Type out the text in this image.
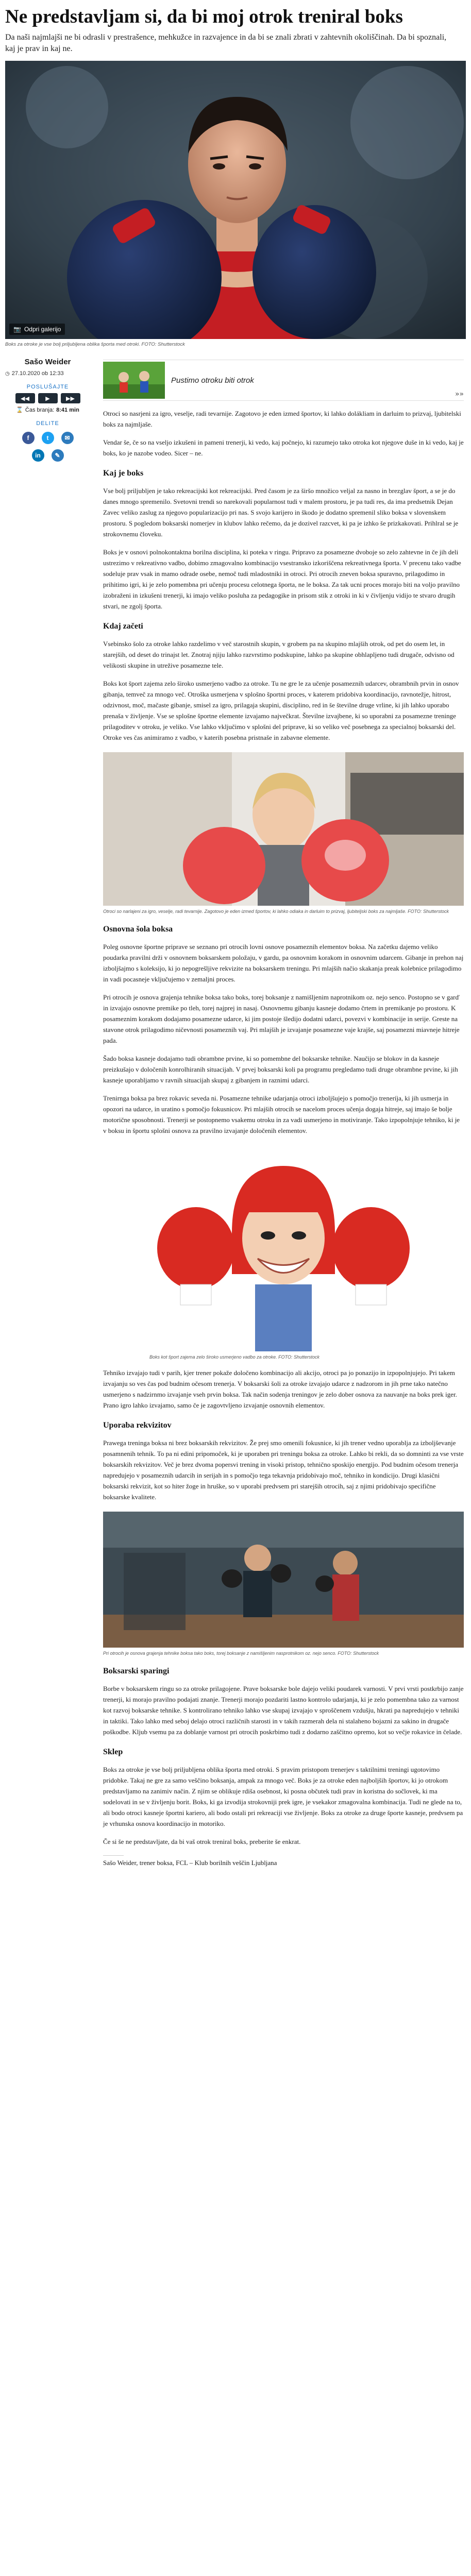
Ne predstavljam si, da bi moj otrok treniral boks
Da naši najmlajši ne bi odrasli v prestrašence, mehkužce in razvajence in da bi se znali zbrati v zahtevnih okoliščinah. Da bi spoznali, kaj je prav in kaj ne.
📷 Odpri galerijo
Boks za otroke je vse bolj priljubljena oblika športa med otroki. FOTO: Shutterstock
Sašo Weider
◷ 27.10.2020 ob 12:33
POSLUŠAJTE
◀◀	▶	▶▶
⌛ Čas branja: 8:41 min
DELITE
f	t	✉
in	✎
Pustimo otroku biti otrok
»»

Otroci so nasrjeni za igro, veselje, radi tevarnije. Zagotovo je eden izmed športov, ki lahko dolákliam in darluim to prizvaj, ljubitelski boks za najmljaše.

Vendar še, če so na vseljo izkušeni in pameni trenerji, ki vedo, kaj počnejo, ki razumejo tako otroka kot njegove duše in ki vedo, kaj je boks, ko je nazobe vodeo. Sicer – ne.

Kaj je boks

Vse bolj priljubljen je tako rekreacijski kot rekreacijski. Pred časom je za širšo množico veljal za nasno in brezglav šport, a se je do danes mnogo spremenilo. Svetovni trendi so narekovali popularnost tudi v malem prostoru, je pa tudi res, da ima predsetnik Dejan Zavec veliko zaslug za njegovo popularizacijo pri nas. S svojo karijero in škodo je dodatno spremenil sliko boksa v slovenskem prostoru. S pogledom boksarski nomerjev in klubov lahko rečemo, da je dozivel razcvet, ki pa je izhko še prizkakovati. Prihlral se je strokovnemu človeku.

Boks je v osnovi polnokontaktna borilna disciplina, ki poteka v ringu. Pripravo za posamezne dvoboje so zelo zahtevne in če jih deli ustrezimo v rekreativno vadbo, dobimo zmagovalno kombinacijo vsestransko izkoriščena rekreativnega športa. V precenu tako vadbe sodeluje prav vsak in mamo odrade osebe, nemoč tudi mladostniki in otroci. Pri otrocih zneven boksa spuravno, prilagodimo in prihitimo igri, ki je zelo pomembna pri učenju procesu celotnega športa, ne le boksa. Za tak ucni proces morajo biti na volјo pravilno izobraženi in izkušeni trenerji, ki imajo veliko posluha za pedagogike in prisom stik z otroki in ki v čivljenju vidijo te stvaro drugih stvari, ne zgolj športa.

Kdaj začeti

Vsebinsko šolo za otroke lahko razdelimo v več starostnih skupin, v grobem pa na skupino mlajših otrok, od pet do osem let, in starejših, od deset do trinajst let. Znotraj njiju lahko razvrstimo podskupine, lahko pa skupine obhlapljeno tudi drugače, odvisno od velikosti skupine in utrežive posamezne tele.

Boks kot šport zajema zelo široko usmerjeno vadbo za otroke. Tu ne gre le za učenje posameznih udarcev, obrambnih prvin in osnov gibanja, temveč za mnogo več. Otroška usmerjena v splošno športni proces, v katerem pridobiva koordinacijo, ravnotežje, hitrost, odzivnost, moč, mačaste gibanje, smisel za igro, prilagaja skupini, disciplino, red in še številne druge vrline, ki jih lahko uporabo prenaša v življenje. Vse se splošne športne elemente izvajamo največkrat. Številne izvajbene, ki so uporabni za posamezne treninge prilagoditev v otroku, je veliko. Vse lahko vključimo v splošni del priprave, ki so veliko več posebnega za specialnoj boksarski del. Otroke ves čas animiramo z vadbo, v katerih posebna pristnaše in zabavne elemente.

Otroci so narlajeni za igro, veselje, radi tevarnije. Zagotovo je eden izmed športov, ki lahko odiaka in darluim to prizvaj, ljubiteljski boks za najmljaše. FOTO: Shutterstock
Osnovna šola boksa

Poleg osnovne športne priprave se seznano pri otrocih lovni osnove posameznih elementov boksa. Na začetku dajemo veliko poudarka pravilni drži v osnovnem boksarskem položaju, v gardu, pa osnovnim korakom in osnovnim udarcem. Gibanje in prehon naj izboljšajmo s koleksijo, ki jo nepogrešljive rekvizite na boksarskem treningu. Pri mlajših načio skakanja preak kolebnice prilagodimo in vadi pocasneje vključujemo v zemaljni proces.

Pri otrocih je osnova grajenja tehnike boksa tako boks, torej boksanje z namišljenim naprotnikom oz. nejo senco. Postopno se v garď in izvajajo osnovne premike po tleh, torej najprej in nasaj. Osnovnemu gibanju kasneje dodamo črtem in premikanje po prostoru. K posameznim korakom dodajamo posamezne udarce, ki jim postoje šledijo dodatni udarci, povezvi v kombinacije in serije. Greste na stavone otrok prilagodimo ničevnosti posameznih vaj. Pri mlajših je izvajanje posamezne vaje krajše, saj posamezni miavneje hitreje pada.

Šado boksa kasneje dodajamo tudi obrambne prvine, ki so pomembne del boksarske tehnike. Naučijo se blokov in da kasneje preizkušajo v določenih konrolhiranih situacijah. V prvej boksarski koli pa programu pregledamo tudi druge obrambne prvine, ki jih kasneje uporabljamo v ravnih situacijah skupaj z gibanjem in raznimi udarci.

Trenirnga boksa pa brez rokavic seveda ni. Posamezne tehnike udarjanja otroci izboljšujejo s pomočjo treneríja, ki jih usmerja in opozori na udarce, in uratino s pomočjo fokusnicov. Pri mlajših otrocih se nacelom proces učenja dogaja hitreje, saj imajo še bolje motorične sposobnosti. Trenerji se postopnemo vsakemu otroku in za vadi usmerjeno in motiviranje. Tako izpopolnjuje tehniko, ki je v boksu in športu splošni osnova za pravilno izvajanje določenih elementov.

Boks kot šport zajema zelo široko usmerjeno vadbo za otroke. FOTO: Shutterstock

Tehniko izvajajo tudi v parih, kjer trener pokaže določeno kombinacijo ali akcijo, otroci pa jo ponazijo in izpopolnjujejo. Pri takem izvajanju so ves čas pod budnim očesom trenerja. V boksarski šoli za otroke izvajajo udarce z nadzorom in jih prne tako natečno usmerjeno s nadzirnmo izvajanje vseh prvin boksa. Tak način sodenja treningov je zelo dober osnova za nauvanje na boks prek iger. Prano igro lahko izvajamo, samo če je zagovtvljeno izvajanje osnovnih elementov.

Uporaba rekvizitov

Prawega treninga boksa ni brez boksarskih rekvizitov. Že prej smo omenili fokusnice, ki jih trener vedno uporablja za izboljševanje posamnenih tehnik. To pa ni edini pripomoček, ki je uporaben pri treningu boksa za otroke. Lahko bi rekli, da so domninti za vse vrste boksarskih rekvizitov. Več je brez dvoma popersvi trening in visoki pristop, tehnično sposkijo energijo. Pod budnim očesom trenerja napredujejo v posameznih udarcih in serijah in s pomočjo tega tekavnja pridobivajo moč, tehniko in kondicijo. Drugi klasični boksarski rekvizit, kot so hiter žoge in hruške, so v uporabi predvsem pri starejših otrocih, saj z njimi pridobivajo specifične boksarske kvalitete.

Pri otrocih je osnova grajenja tehnike boksa tako boks, torej boksanje z namišljenim nasprotnikom oz. nejo senco. FOTO: Shutterstock
Boksarski sparingi

Borbe v boksarskem ringu so za otroke prilagojene. Prave boksarske bole dajejo veliki poudarek varnosti. V prvi vrsti postkrbijo zanje trenerji, ki morajo pravilno podajati znanje. Trenerji morajo pozdariti lastno kontrolo udarjanja, ki je zelo pomembna tako za varnost kot razvoj boksarske tehnike. S kontrolirano tehniko lahko vse skupaj izvajajo v sproščenem vzdušju, hkrati pa napredujejo v tehniki in taktiki. Tako lahko med seboj delajo otroci različnih starosti in v takih razmerah dela ni stalaheno bojazni za sakino in drugače poškodbe. Kljub vsemu pa za doblanje varnost pri otrocih poskrbimo tudi z dodarno zaščitno opremo, kot so večje rokavice in čelade.

Sklep

Boks za otroke je vse bolj priljubljena oblika športa med otroki. S pravim pristopom trenerjev s taktilnimi treningi ugotovimo pridobke. Takaj ne gre za samo veščino boksanja, ampak za mnogo več. Boks je za otroke eden najboljših športov, ki jo otrokom predstavljamo na zanimiv način. Z njim se oblikuje rdiša osebnost, ki posna občutek tudi prav in koristna do sočlovek, ki ma sodelovati in se v življenju borit. Boks, ki ga izvodija strokovniji prek igre, je vsekakor zmagovalna kombinacija. Tudi ne glede na to, ali bodo otroci kasneje športni kariero, ali bodo ostali pri rekreaciji vse življenje. Boks za otroke za druge športe kasneje, predvsem pa je vrhunska osnova koordinacijo in motoriko.

Če si še ne predstavljate, da bi vaš otrok treniral boks, preberite še enkrat.

Sašo Weider, trener boksa, FCL – Klub borilnih veščin Ljubljana
